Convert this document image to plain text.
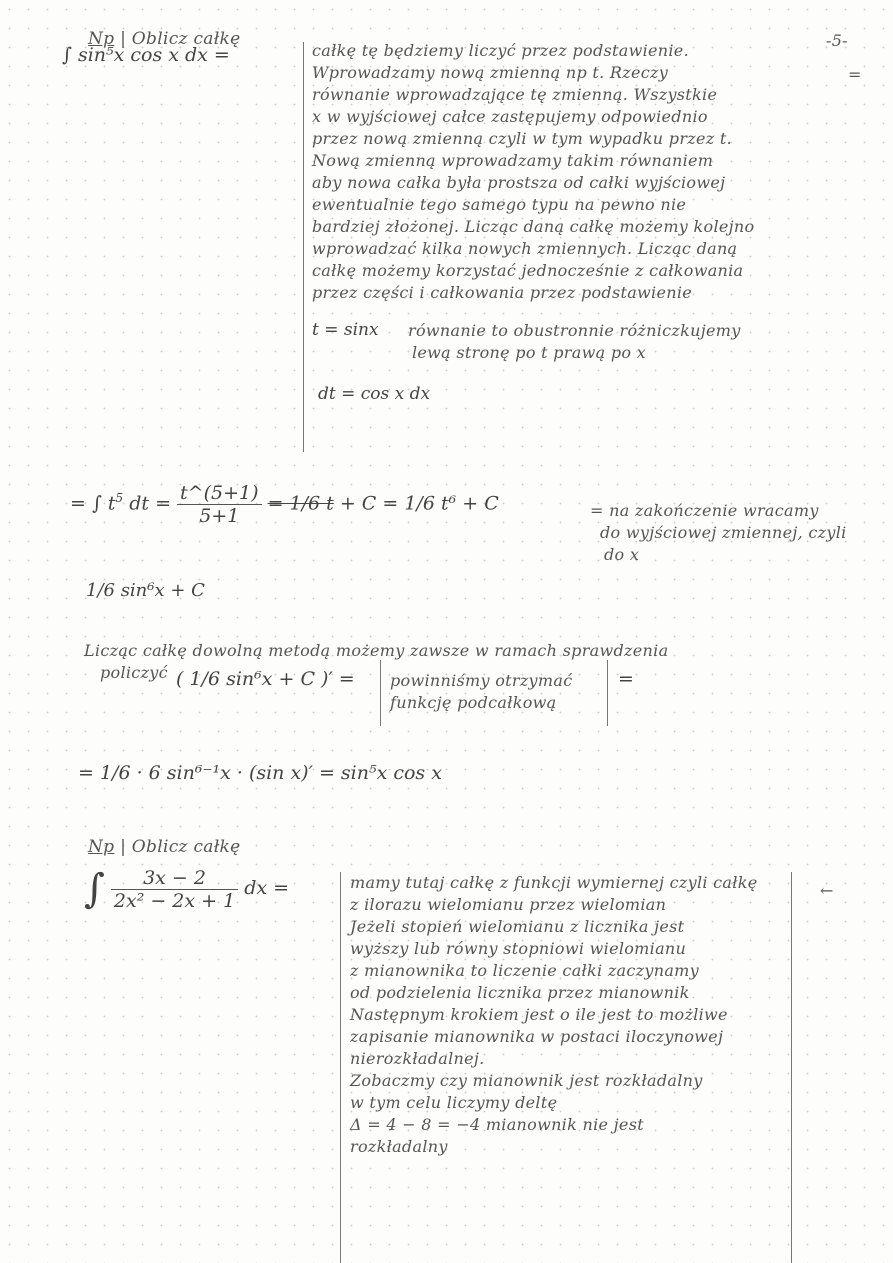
-5-
=
Np | Oblicz całkę
∫ sin⁵x cos x dx =	całkę tę będziemy liczyć przez podstawienie.
Wprowadzamy nową zmienną np t. Rzeczy
równanie wprowadzające tę zmienną. Wszystkie
x w wyjściowej całce zastępujemy odpowiednio
przez nową zmienną czyli w tym wypadku przez t.
Nową zmienną wprowadzamy takim równaniem
aby nowa całka była prostsza od całki wyjściowej
ewentualnie tego samego typu na pewno nie
bardziej złożonej. Licząc daną całkę możemy kolejno
wprowadzać kilka nowych zmiennych. Licząc daną
całkę możemy korzystać jednocześnie z całkowania
przez części i całkowania przez podstawienie
t = sinx równanie to obustronnie różniczkujemy
lewą stronę po t prawą po x
dt = cos x dx
= ∫ $t^5$ dt = $\frac{t\^{}(5+1)}{5+1} = 1/6$ t + C = 1/6 t⁶ + C	= na zakończenie wracamy
do wyjściowej zmiennej, czyli
do x
1/6 sin⁶x + C
Licząc całkę dowolną metodą możemy zawsze w ramach sprawdzenia
policzyć ( 1/6 sin⁶x + C )′ = powinniśmy otrzymać
funkcję podcałkową
=
= 1/6 · 6 sin⁶⁻¹x · (sin x)′ = sin⁵x cos x
Np | Oblicz całkę
∫ $\frac{3x - 2}{\text{2x² − 2x + 1}}$ dx =	←
mamy tutaj całkę z funkcji wymiernej czyli całkę
z ilorazu wielomianu przez wielomian
Jeżeli stopień wielomianu z licznika jest
wyższy lub równy stopniowi wielomianu
z mianownika to liczenie całki zaczynamy
od podzielenia licznika przez mianownik
Następnym krokiem jest o ile jest to możliwe
zapisanie mianownika w postaci iloczynowej
nierozkładalnej.
Zobaczmy czy mianownik jest rozkładalny
w tym celu liczymy deltę
Δ = 4 − 8 = −4 mianownik nie jest
rozkładalny
